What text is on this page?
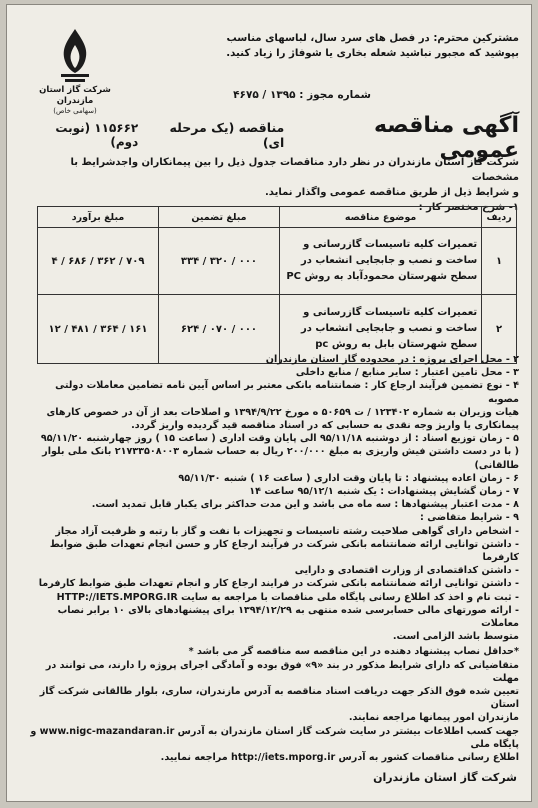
شرکت گاز استان مازندران
(سهامی خاص)
مشترکین محترم: در فصل های سرد سال، لباسهای مناسب
بپوشید که مجبور نباشید شعله بخاری یا شوفاژ را زیاد کنید.
شماره مجوز : ۱۳۹۵ / ۴۶۷۵
آگهی مناقصه عمومی
مناقصه (یک مرحله ای)
۱۱۵۶۶۲ (نوبت دوم)
شرکت گاز استان مازندران در نظر دارد مناقصات جدول ذیل را بین پیمانکاران واجدشرایط با مشخصات
و شرایط ذیل از طریق مناقصه عمومی واگذار نماید.
۱- شرح مختصر کار :
ردیف	موضوع مناقصه	مبلغ تضمین	مبلغ برآورد
۱	تعمیرات کلیه تاسیسات گازرسانی و ساخت و نصب و جابجایی انشعاب در سطح شهرستان محمودآباد به روش PC	۳۳۴ / ۳۲۰ / ۰۰۰	۴ / ۶۸۶ / ۳۶۲ / ۷۰۹
۲	تعمیرات کلیه تاسیسات گازرسانی و ساخت و نصب و جابجایی انشعاب در سطح شهرستان بابل به روش pc	۶۲۴ / ۰۷۰ / ۰۰۰	۱۲ / ۴۸۱ / ۳۶۴ / ۱۶۱

۲ - محل اجرای پروژه : در محدوده گاز استان مازندران

۳ - محل تامین اعتبار : سایر منابع / منابع داخلی

۴ - نوع تضمین فرآیند ارجاع کار : ضمانتنامه بانکی معتبر بر اساس آیین نامه تضامین معاملات دولتی مصوبه

هیات وزیران به شماره ۱۲۳۴۰۲ / ت ۵۰۶۵۹ ه مورخ ۱۳۹۴/۹/۲۲ و اصلاحات بعد از آن در خصوص کارهای

پیمانکاری یا واریز وجه نقدی به حسابی که در اسناد مناقصه قید گردیده واریز گردد.

۵ - زمان توزیع اسناد : از دوشنبه ۹۵/۱۱/۱۸ الی پایان وقت اداری ( ساعت ۱۵ ) روز چهارشنبه ۹۵/۱۱/۲۰

( با در دست داشتن فیش واریزی به مبلغ ۲۰۰/۰۰۰ ریال به حساب شماره ۲۱۷۳۳۵۰۸۰۰۳ بانک ملی بلوار

طالقانی)

۶ - زمان اعاده پیشنهاد : تا پایان وقت اداری ( ساعت ۱۶ ) شنبه ۹۵/۱۱/۳۰

۷ - زمان گشایش پیشنهادات : یک شنبه ۹۵/۱۲/۱ ساعت ۱۴

۸ - مدت اعتبار پیشنهادها : سه ماه می باشد و این مدت حداکثر برای یکبار قابل تمدید است.

۹ - شرایط متقاضی :

- اشخاص دارای گواهی صلاحیت رشته تاسیسات و تجهیزات با نفت و گاز با رتبه و ظرفیت آزاد مجاز

- داشتن توانایی ارائه ضمانتنامه بانکی شرکت در فرآیند ارجاع کار و حسن انجام تعهدات طبق ضوابط کارفرما

- داشتن کداقتصادی از وزارت اقتصادی و دارایی

- داشتن توانایی ارائه ضمانتنامه بانکی شرکت در فرایند ارجاع کار و انجام تعهدات طبق ضوابط کارفرما

- ثبت نام و اخذ کد اطلاع رسانی پایگاه ملی مناقصات با مراجعه به سایت HTTP://IETS.MPORG.IR

- ارائه صورتهای مالی حسابرسی شده منتهی به ۱۳۹۴/۱۲/۲۹ برای پیشنهادهای بالای ۱۰ برابر نصاب معاملات

متوسط باشد الزامی است.

*حداقل نصاب پیشنهاد دهنده در این مناقصه سه مناقصه گر می باشد *

متقاضیانی که دارای شرایط مذکور در بند «۹» فوق بوده و آمادگی اجرای پروژه را دارند، می توانند در مهلت

تعیین شده فوق الذکر جهت دریافت اسناد مناقصه به آدرس مازندران، ساری، بلوار طالقانی شرکت گاز استان

مازندران امور پیمانها مراجعه نمایند.

جهت کسب اطلاعات بیشتر در سایت شرکت گاز استان مازندران به آدرس www.nigc-mazandaran.ir و پایگاه ملی

اطلاع رسانی مناقصات کشور به آدرس http://iets.mporg.ir مراجعه نمایید.

شرکت گاز استان مازندران
